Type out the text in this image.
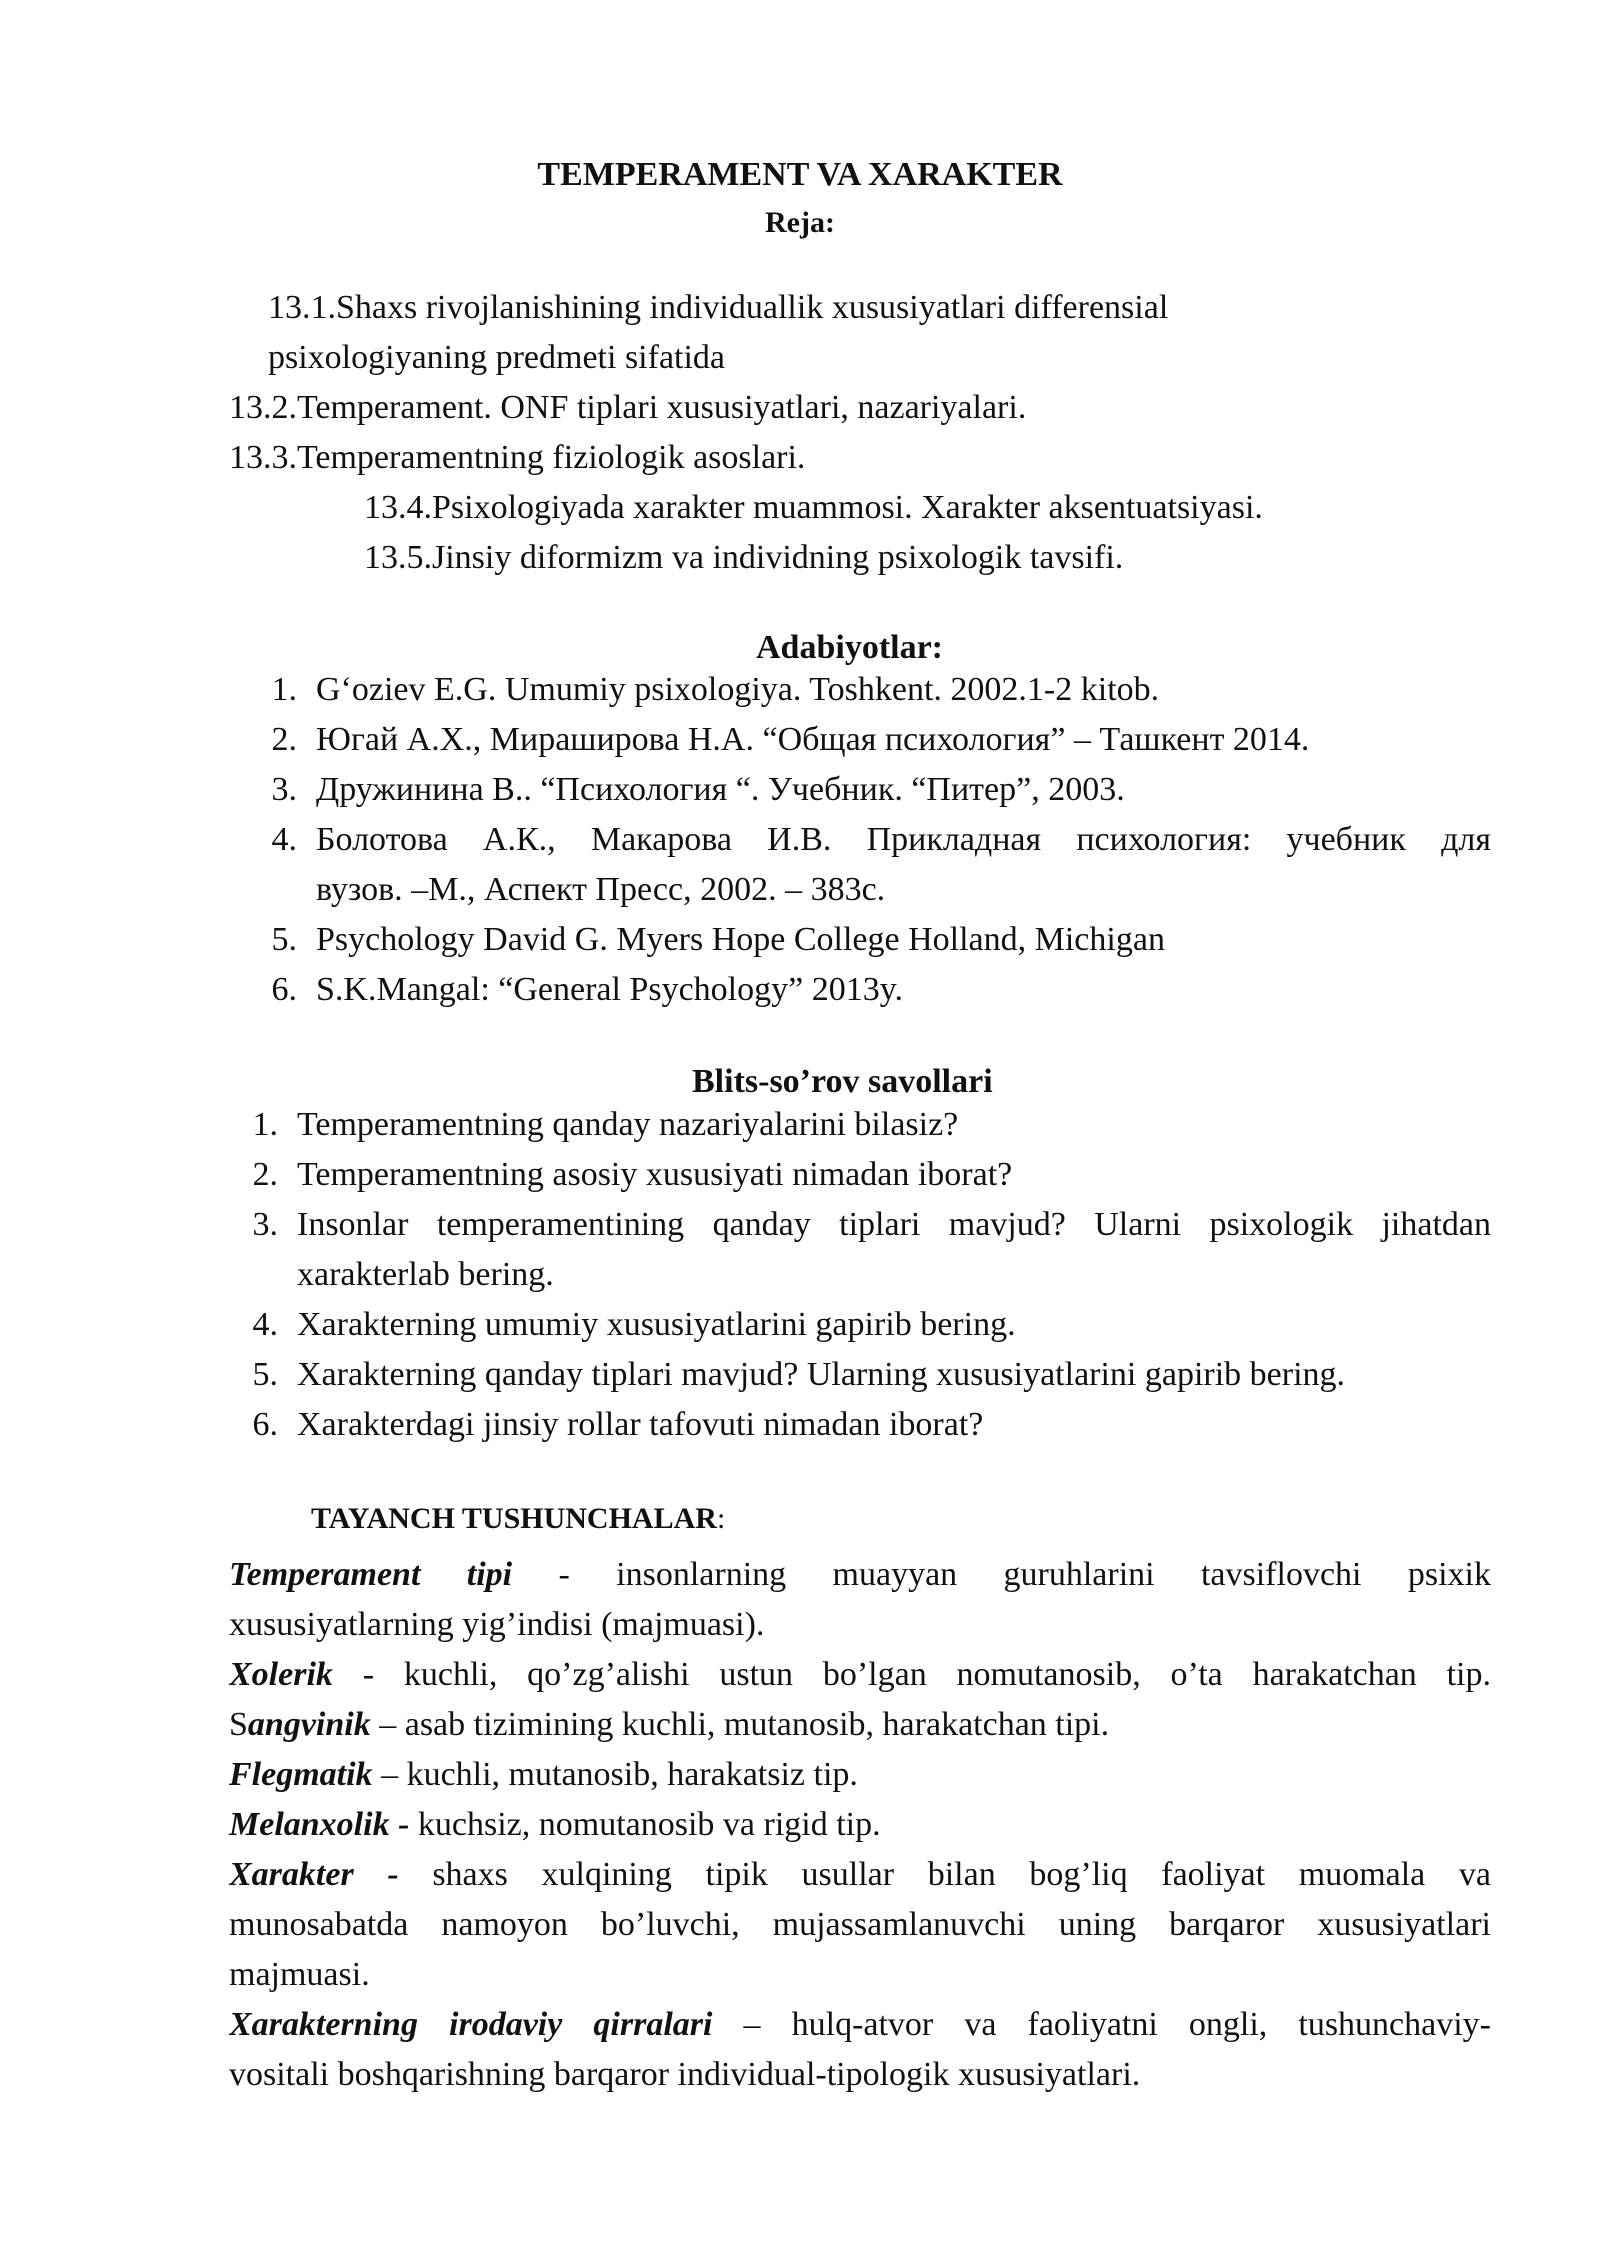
TEMPERAMENT VA XARAKTER
Reja:
13.1.Shaxs rivojlanishining individuallik xususiyatlari differensial
psixologiyaning predmeti sifatida
13.2.Temperament. ONF tiplari xususiyatlari, nazariyalari.
13.3.Temperamentning fiziologik asoslari.
13.4.Psixologiyada xarakter muammosi. Xarakter aksentuatsiyasi.
13.5.Jinsiy diformizm va individning psixologik tavsifi.
Adabiyotlar:
1. G‘oziev E.G. Umumiy psixologiya. Toshkent. 2002.1-2 kitob.
2. Югай А.Х., Мираширова Н.А. “Общая психология” – Ташкент 2014.
3. Дружинина В.. “Психология “. Учебник. “Питер”, 2003.
4. Болотова А.К., Макарова И.В. Прикладная психология: учебник для
вузов. –М., Аспект Пресс, 2002. – 383с.
5. Psychology David G. Myers Hope College Holland, Michigan
6. S.K.Mangal: “General Psychology” 2013y.
Blits-so’rov savollari
1. Temperamentning qanday nazariyalarini bilasiz?
2. Temperamentning asosiy xususiyati nimadan iborat?
3. Insonlar temperamentining qanday tiplari mavjud? Ularni psixologik jihatdan
xarakterlab bering.
4. Xarakterning umumiy xususiyatlarini gapirib bering.
5. Xarakterning qanday tiplari mavjud? Ularning xususiyatlarini gapirib bering.
6. Xarakterdagi jinsiy rollar tafovuti nimadan iborat?
TAYANCH TUSHUNCHALAR:
Temperament tipi - insonlarning muayyan guruhlarini tavsiflovchi psixik
xususiyatlarning yig’indisi (majmuasi).
Xolerik - kuchli, qo’zg’alishi ustun bo’lgan nomutanosib, o’ta harakatchan tip.
Sangvinik – asab tizimining kuchli, mutanosib, harakatchan tipi.
Flegmatik – kuchli, mutanosib, harakatsiz tip.
Melanxolik - kuchsiz, nomutanosib va rigid tip.
Xarakter - shaxs xulqining tipik usullar bilan bog’liq faoliyat muomala va
munosabatda namoyon bo’luvchi, mujassamlanuvchi uning barqaror xususiyatlari
majmuasi.
Xarakterning irodaviy qirralari – hulq-atvor va faoliyatni ongli, tushunchaviy-
vositali boshqarishning barqaror individual-tipologik xususiyatlari.
